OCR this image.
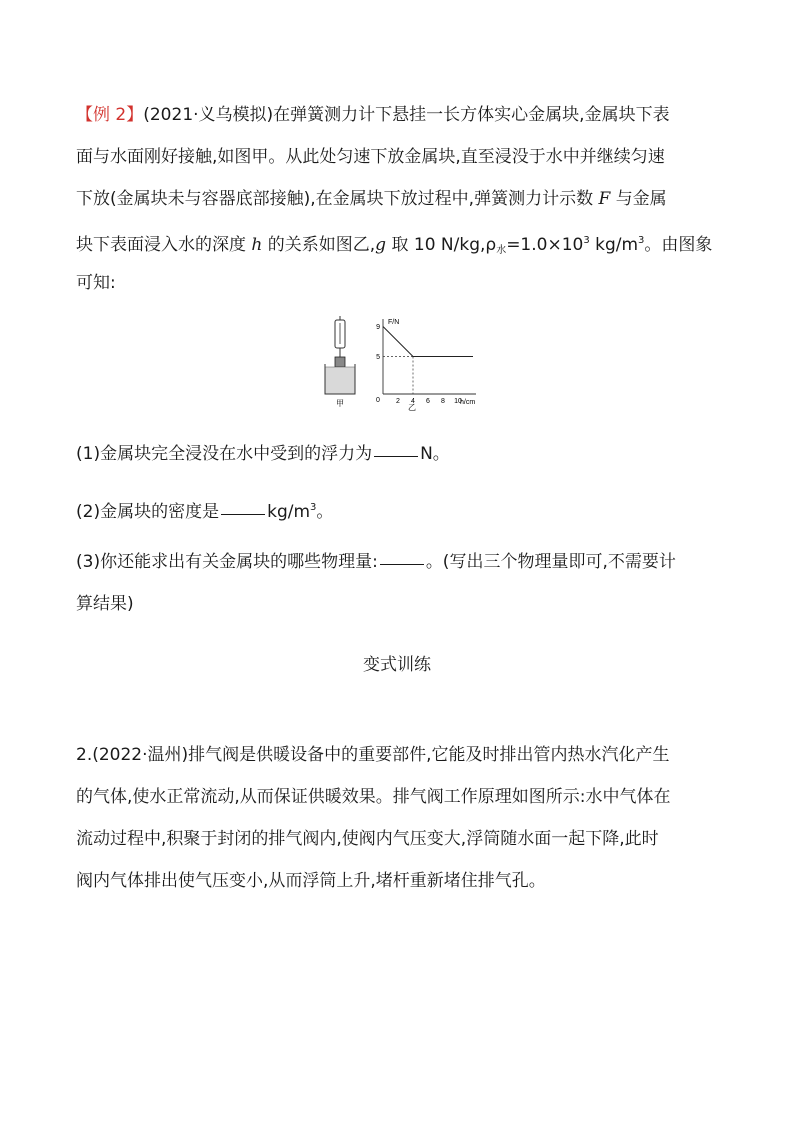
【例 2】(2021·义乌模拟)在弹簧测力计下悬挂一长方体实心金属块,金属块下表
面与水面刚好接触,如图甲。从此处匀速下放金属块,直至浸没于水中并继续匀速
下放(金属块未与容器底部接触),在金属块下放过程中,弹簧测力计示数 F 与金属
块下表面浸入水的深度 h 的关系如图乙,g 取 10 $N/kg,\rho_水=1.0\times 10^3$ $kg/m^3$。由图象
可知:
甲
F/N
h/cm
0
9
5
2 4 6 8 10
乙
(1)金属块完全浸没在水中受到的浮力为	N。
(2)金属块的密度是	$kg/m^3$。
(3)你还能求出有关金属块的哪些物理量:	。(写出三个物理量即可,不需要计
算结果)
变式训练
2.(2022·温州)排气阀是供暖设备中的重要部件,它能及时排出管内热水汽化产生
的气体,使水正常流动,从而保证供暖效果。排气阀工作原理如图所示:水中气体在
流动过程中,积聚于封闭的排气阀内,使阀内气压变大,浮筒随水面一起下降,此时
阀内气体排出使气压变小,从而浮筒上升,堵杆重新堵住排气孔。
